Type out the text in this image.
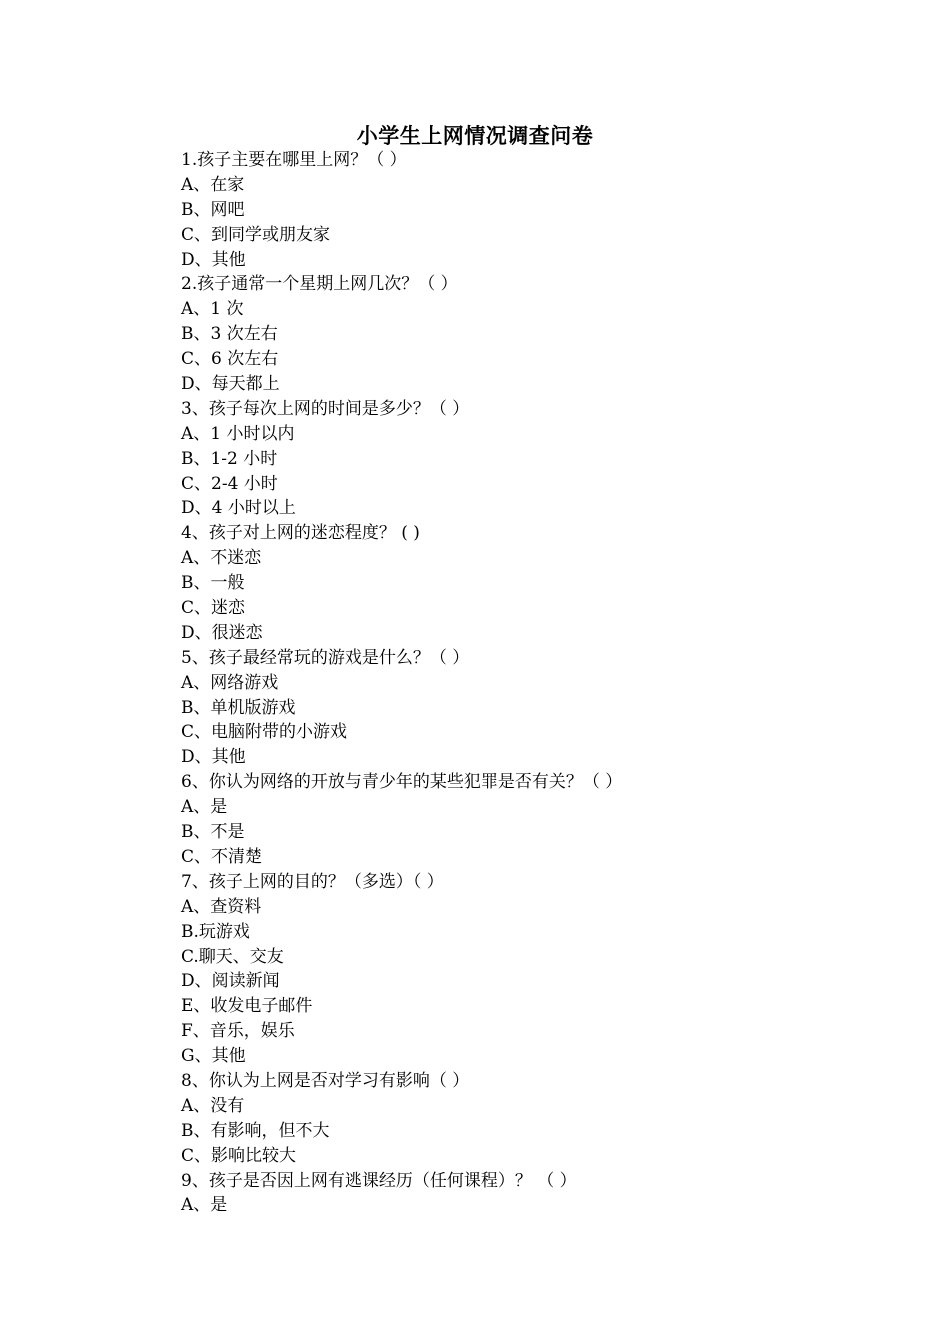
小学生上网情况调查问卷
1.孩子主要在哪里上网？（ ）
A、在家
B、网吧
C、到同学或朋友家
D、其他
2.孩子通常一个星期上网几次？（ ）
A、1 次
B、3 次左右
C、6 次左右
D、每天都上
3、孩子每次上网的时间是多少？（ ）
A、1 小时以内
B、1-2 小时
C、2-4 小时
D、4 小时以上
4、孩子对上网的迷恋程度？ ( )
A、不迷恋
B、一般
C、迷恋
D、很迷恋
5、孩子最经常玩的游戏是什么？（ ）
A、网络游戏
B、单机版游戏
C、电脑附带的小游戏
D、其他
6、你认为网络的开放与青少年的某些犯罪是否有关？（ ）
A、是
B、不是
C、不清楚
7、孩子上网的目的？（多选）（ ）
A、查资料
B.玩游戏
C.聊天、交友
D、阅读新闻
E、收发电子邮件
F、音乐，娱乐
G、其他
8、你认为上网是否对学习有影响（ ）
A、没有
B、有影响，但不大
C、影响比较大
9、孩子是否因上网有逃课经历（任何课程）？ （ ）
A、是
